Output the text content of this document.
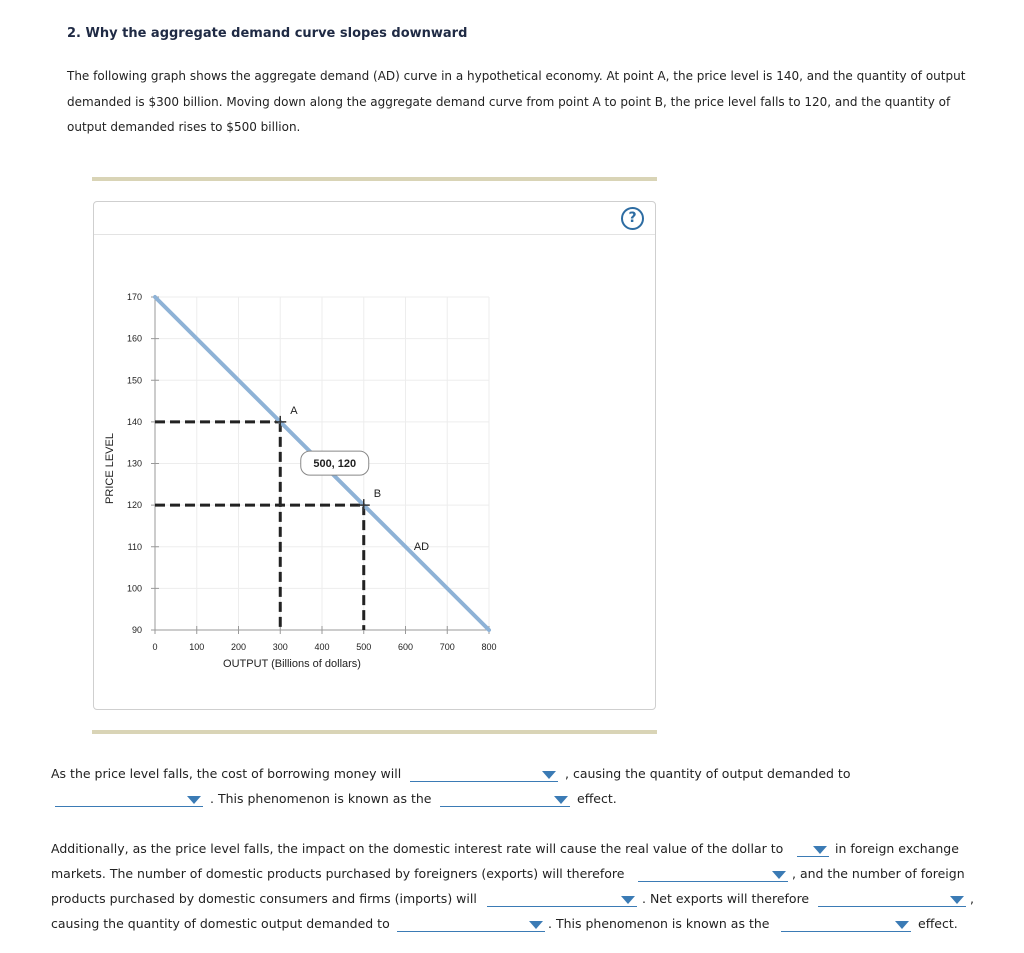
2. Why the aggregate demand curve slopes downward
The following graph shows the aggregate demand (AD) curve in a hypothetical economy. At point A, the price level is 140, and the quantity of output
demanded is $300 billion. Moving down along the aggregate demand curve from point A to point B, the price level falls to 120, and the quantity of
output demanded rises to $500 billion.
?
0	100	200	300	400	500	600	700	800
90
100
110
120
130
140
150
160
170
OUTPUT (Billions of dollars)
PRICE LEVEL
AD
A
B
500, 120
As the price level falls, the cost of borrowing money will	, causing the quantity of output demanded to
. This phenomenon is known as the	effect.
Additionally, as the price level falls, the impact on the domestic interest rate will cause the real value of the dollar to	in foreign exchange
markets. The number of domestic products purchased by foreigners (exports) will therefore	, and the number of foreign
products purchased by domestic consumers and firms (imports) will	. Net exports will therefore	,
causing the quantity of domestic output demanded to	. This phenomenon is known as the	effect.
